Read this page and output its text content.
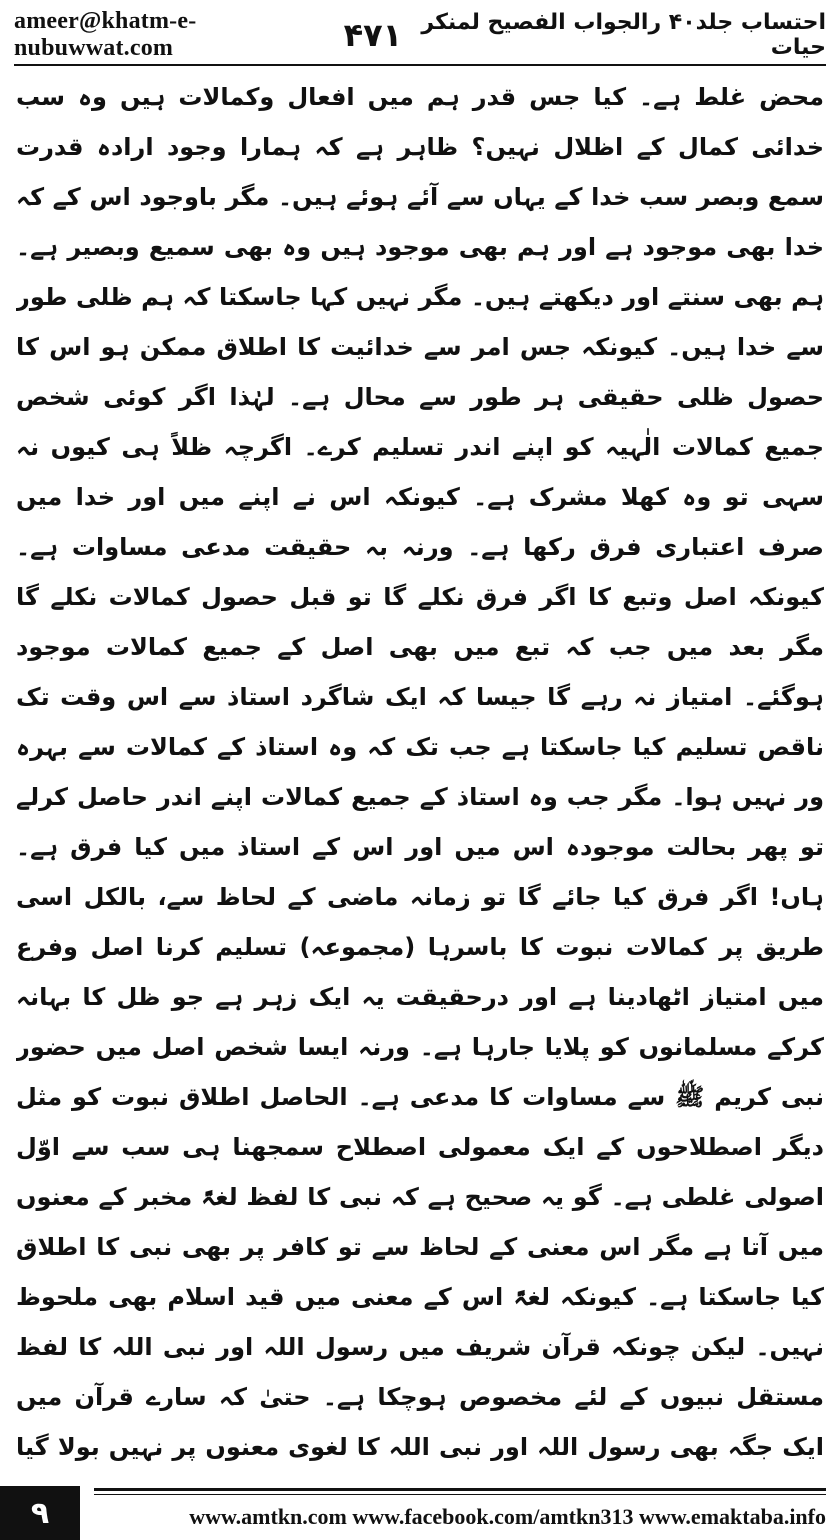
ameer@khatm-e-nubuwwat.com	۴۷۱ احتساب جلد۴۰ رالجواب الفصیح لمنکر حیات

محض غلط ہے۔ کیا جس قدر ہم میں افعال وکمالات ہیں وہ سب خدائی کمال کے اظلال نہیں؟ ظاہر ہے کہ ہمارا وجود ارادہ قدرت سمع وبصر سب خدا کے یہاں سے آئے ہوئے ہیں۔ مگر باوجود اس کے کہ خدا بھی موجود ہے اور ہم بھی موجود ہیں وہ بھی سمیع وبصیر ہے۔ ہم بھی سنتے اور دیکھتے ہیں۔ مگر نہیں کہا جاسکتا کہ ہم ظلی طور سے خدا ہیں۔ کیونکہ جس امر سے خدائیت کا اطلاق ممکن ہو اس کا حصول ظلی حقیقی ہر طور سے محال ہے۔ لہٰذا اگر کوئی شخص جمیع کمالات الٰہیہ کو اپنے اندر تسلیم کرے۔ اگرچہ ظلاً ہی کیوں نہ سہی تو وہ کھلا مشرک ہے۔ کیونکہ اس نے اپنے میں اور خدا میں صرف اعتباری فرق رکھا ہے۔ ورنہ بہ حقیقت مدعی مساوات ہے۔ کیونکہ اصل وتبع کا اگر فرق نکلے گا تو قبل حصول کمالات نکلے گا مگر بعد میں جب کہ تبع میں بھی اصل کے جمیع کمالات موجود ہوگئے۔ امتیاز نہ رہے گا جیسا کہ ایک شاگرد استاذ سے اس وقت تک ناقص تسلیم کیا جاسکتا ہے جب تک کہ وہ استاذ کے کمالات سے بہرہ ور نہیں ہوا۔ مگر جب وہ استاذ کے جمیع کمالات اپنے اندر حاصل کرلے تو پھر بحالت موجودہ اس میں اور اس کے استاذ میں کیا فرق ہے۔ ہاں! اگر فرق کیا جائے گا تو زمانہ ماضی کے لحاظ سے، بالکل اسی طریق پر کمالات نبوت کا باسرہا (مجموعہ) تسلیم کرنا اصل وفرع میں امتیاز اٹھادینا ہے اور درحقیقت یہ ایک زہر ہے جو ظل کا بہانہ کرکے مسلمانوں کو پلایا جارہا ہے۔ ورنہ ایسا شخص اصل میں حضور نبی کریم ﷺ سے مساوات کا مدعی ہے۔ الحاصل اطلاق نبوت کو مثل دیگر اصطلاحوں کے ایک معمولی اصطلاح سمجھنا ہی سب سے اوّل اصولی غلطی ہے۔ گو یہ صحیح ہے کہ نبی کا لفظ لغۃً مخبر کے معنوں میں آتا ہے مگر اس معنی کے لحاظ سے تو کافر پر بھی نبی کا اطلاق کیا جاسکتا ہے۔ کیونکہ لغۃً اس کے معنی میں قید اسلام بھی ملحوظ نہیں۔ لیکن چونکہ قرآن شریف میں رسول اللہ اور نبی اللہ کا لفظ مستقل نبیوں کے لئے مخصوص ہوچکا ہے۔ حتیٰ کہ سارے قرآن میں ایک جگہ بھی رسول اللہ اور نبی اللہ کا لغوی معنوں پر نہیں بولا گیا

۹	www.amtkn.com www.facebook.com/amtkn313 www.emaktaba.info
